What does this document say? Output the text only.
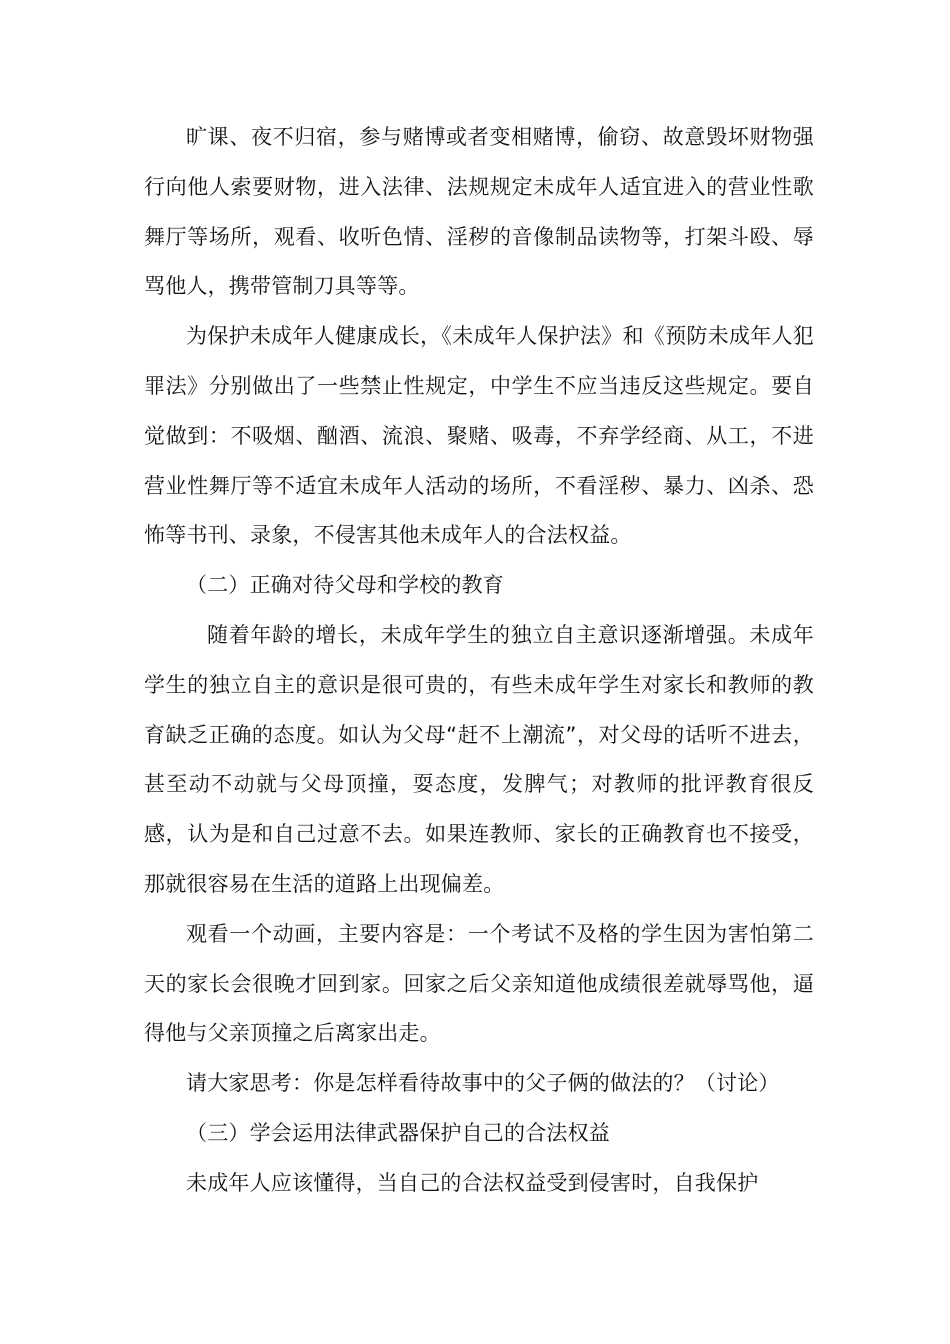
旷课、夜不归宿，参与赌博或者变相赌博，偷窃、故意毁坏财物强行向他人索要财物，进入法律、法规规定未成年人适宜进入的营业性歌舞厅等场所，观看、收听色情、淫秽的音像制品读物等，打架斗殴、辱骂他人，携带管制刀具等等。

为保护未成年人健康成长，《未成年人保护法》和《预防未成年人犯罪法》分别做出了一些禁止性规定，中学生不应当违反这些规定。要自觉做到：不吸烟、酗酒、流浪、聚赌、吸毒，不弃学经商、从工，不进营业性舞厅等不适宜未成年人活动的场所，不看淫秽、暴力、凶杀、恐怖等书刊、录象，不侵害其他未成年人的合法权益。

（二）正确对待父母和学校的教育

随着年龄的增长，未成年学生的独立自主意识逐渐增强。未成年学生的独立自主的意识是很可贵的，有些未成年学生对家长和教师的教育缺乏正确的态度。如认为父母“赶不上潮流”，对父母的话听不进去，甚至动不动就与父母顶撞，耍态度，发脾气；对教师的批评教育很反感，认为是和自己过意不去。如果连教师、家长的正确教育也不接受，那就很容易在生活的道路上出现偏差。

观看一个动画，主要内容是：一个考试不及格的学生因为害怕第二天的家长会很晚才回到家。回家之后父亲知道他成绩很差就辱骂他，逼得他与父亲顶撞之后离家出走。

请大家思考：你是怎样看待故事中的父子俩的做法的？（讨论）

（三）学会运用法律武器保护自己的合法权益

未成年人应该懂得，当自己的合法权益受到侵害时，自我保护
